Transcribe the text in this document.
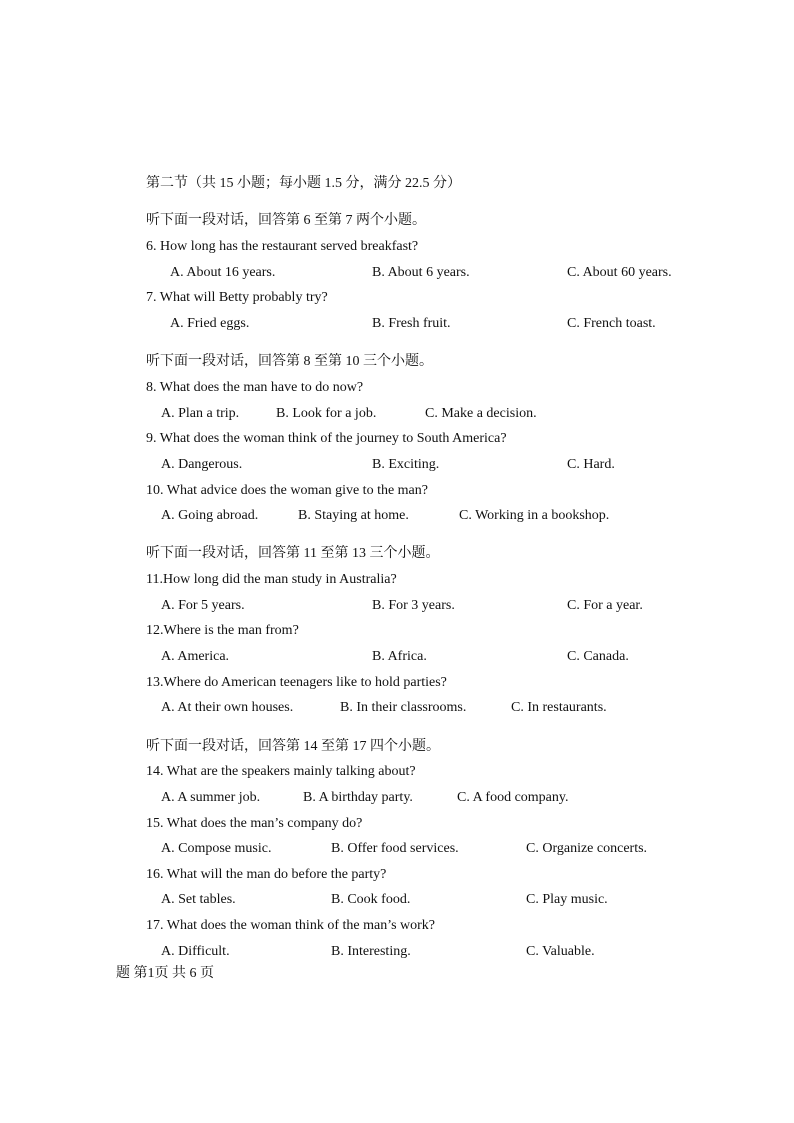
第二节（共 15 小题；每小题 1.5 分，满分 22.5 分）
听下面一段对话，回答第 6 至第 7 两个小题。
6. How long has the restaurant served breakfast?
A. About 16 years.	B. About 6 years.	C. About 60 years.
7. What will Betty probably try?
A. Fried eggs.	B. Fresh fruit.	C. French toast.
听下面一段对话，回答第 8 至第 10 三个小题。
8. What does the man have to do now?
A. Plan a trip.	B. Look for a job.	C. Make a decision.
9. What does the woman think of the journey to South America?
A. Dangerous.	B. Exciting.	C. Hard.
10. What advice does the woman give to the man?
A. Going abroad.	B. Staying at home.	C. Working in a bookshop.
听下面一段对话，回答第 11 至第 13 三个小题。
11.How long did the man study in Australia?
A. For 5 years.	B. For 3 years.	C. For a year.
12.Where is the man from?
A. America.	B. Africa.	C. Canada.
13.Where do American teenagers like to hold parties?
A. At their own houses.	B. In their classrooms.	C. In restaurants.
听下面一段对话，回答第 14 至第 17 四个小题。
14. What are the speakers mainly talking about?
A. A summer job.	B. A birthday party.	C. A food company.
15. What does the man’s company do?
A. Compose music.	B. Offer food services.	C. Organize concerts.
16. What will the man do before the party?
A. Set tables.	B. Cook food.	C. Play music.
17. What does the woman think of the man’s work?
A. Difficult.	B. Interesting.	C. Valuable.
题 第1页 共 6 页
